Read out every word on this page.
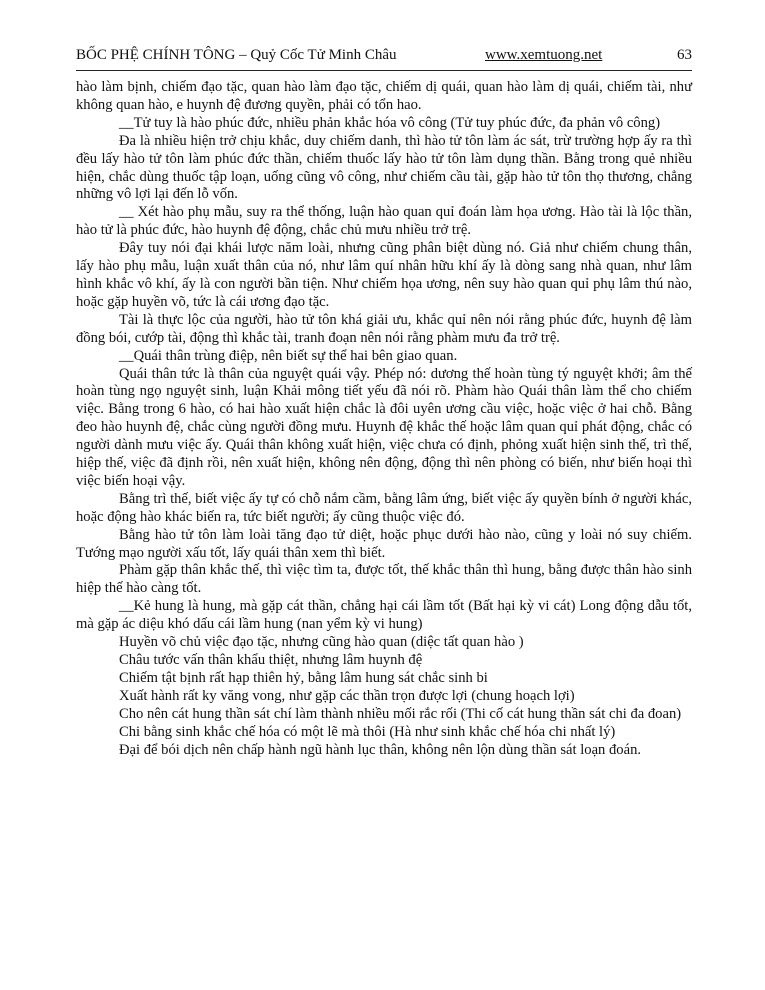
BỐC PHỆ CHÍNH TÔNG – Quỷ Cốc Tử Minh Châu	www.xemtuong.net	63

hào làm bịnh, chiếm đạo tặc, quan hào làm đạo tặc, chiếm dị quái, quan hào làm dị quái, chiếm tài, như không quan hào, e huynh đệ đương quyền, phải có tổn hao.

__Tử tuy là hào phúc đức, nhiều phản khắc hóa vô công (Tử tuy phúc đức, đa phản vô công)

Đa là nhiều hiện trở chịu khắc, duy chiếm danh, thì hào tử tôn làm ác sát, trừ trường hợp ấy ra thì đều lấy hào tử tôn làm phúc đức thần, chiếm thuốc lấy hào tử tôn làm dụng thần. Bằng trong quẻ nhiều hiện, chắc dùng thuốc tập loạn, uống cũng vô công, như chiếm cầu tài, gặp hào tử tôn thọ thương, chẳng những vô lợi lại đến lỗ vốn.

__ Xét hào phụ mẫu, suy ra thể thống, luận hào quan quỉ đoán làm họa ương. Hào tài là lộc thần, hào tử là phúc đức, hào huynh đệ động, chắc chủ mưu nhiều trở trệ.

Đây tuy nói đại khái lược năm loài, nhưng cũng phân biệt dùng nó. Giả như chiếm chung thân, lấy hào phụ mẫu, luận xuất thân của nó, như lâm quí nhân hữu khí ấy là dòng sang nhà quan, như lâm hình khắc vô khí, ấy là con người bần tiện. Như chiếm họa ương, nên suy hào quan quỉ phụ lâm thú nào, hoặc gặp huyền võ, tức là cái ương đạo tặc.

Tài là thực lộc của người, hào tử tôn khá giải ưu, khắc quỉ nên nói rằng phúc đức, huynh đệ làm đồng bói, cướp tài, động thì khắc tài, tranh đoạn nên nói rằng phàm mưu đa trở trệ.

__Quái thân trùng điệp, nên biết sự thể hai bên giao quan.

Quái thân tức là thân của nguyệt quái vậy. Phép nó: dương thế hoàn tùng tý nguyệt khởi; âm thế hoàn tùng ngọ nguyệt sinh, luận Khải mông tiết yếu đã nói rõ. Phàm hào Quái thân làm thể cho chiếm việc. Bằng trong 6 hào, có hai hào xuất hiện chắc là đôi uyên ương cầu việc, hoặc việc ở hai chỗ. Bằng đeo hào huynh đệ, chắc cùng người đồng mưu. Huynh đệ khắc thế hoặc lâm quan quỉ phát động, chắc có người dành mưu việc ấy. Quái thân không xuất hiện, việc chưa có định, phỏng xuất hiện sinh thế, trì thế, hiệp thế, việc đã định rồi, nên xuất hiện, không nên động, động thì nên phòng có biến, như biến hoại thì việc biến hoại vậy.

Bằng trì thế, biết việc ấy tự có chỗ nắm cầm, bằng lâm ứng, biết việc ấy quyền bính ở người khác, hoặc động hào khác biến ra, tức biết người; ấy cũng thuộc việc đó.

Bằng hào tử tôn làm loài tăng đạo tử diệt, hoặc phục dưới hào nào, cũng y loài nó suy chiếm. Tướng mạo người xấu tốt, lấy quái thân xem thì biết.

Phàm gặp thân khắc thế, thì việc tìm ta, được tốt, thế khắc thân thì hung, bằng được thân hào sinh hiệp thế hào càng tốt.

__Kẻ hung là hung, mà gặp cát thần, chẳng hại cái lầm tốt (Bất hại kỳ vi cát) Long động dẫu tốt, mà gặp ác diệu khó dấu cái lầm hung (nan yểm kỳ vi hung)

Huyền võ chủ việc đạo tặc, nhưng cũng hào quan (diệc tất quan hào )

Châu tước vấn thân khẩu thiệt, nhưng lâm huynh đệ

Chiếm tật bịnh rất hạp thiên hỷ, bằng lâm hung sát chắc sinh bi

Xuất hành rất ky văng vong, như gặp các thần trọn được lợi (chung hoạch lợi)

Cho nên cát hung thần sát chí làm thành nhiều mối rắc rối (Thi cố cát hung thần sát chi đa đoan)

Chi bằng sinh khắc chế hóa có một lẽ mà thôi (Hà như sinh khắc chế hóa chi nhất lý)

Đại để bói dịch nên chấp hành ngũ hành lục thân, không nên lộn dùng thần sát loạn đoán.
